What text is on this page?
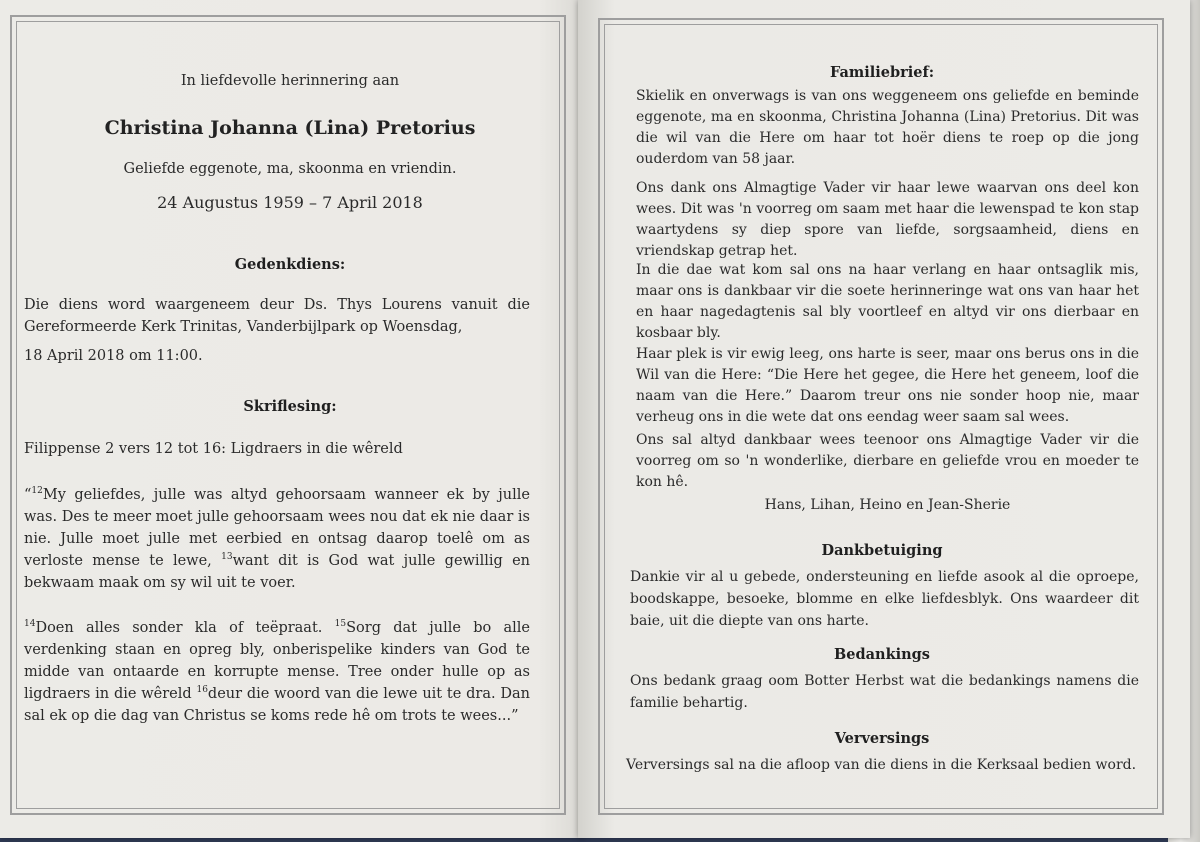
In liefdevolle herinnering aan
Christina Johanna (Lina) Pretorius
Geliefde eggenote, ma, skoonma en vriendin.
24 Augustus 1959 – 7 April 2018
Gedenkdiens:

Die diens word waargeneem deur Ds. Thys Lourens vanuit die Gereformeerde Kerk Trinitas, Vanderbijlpark op Woensdag,

18 April 2018 om 11:00.

Skriflesing:

Filippense 2 vers 12 tot 16: Ligdraers in die wêreld

“$^{12}$My geliefdes, julle was altyd gehoorsaam wanneer ek by julle was. Des te meer moet julle gehoorsaam wees nou dat ek nie daar is nie. Julle moet julle met eerbied en ontsag daarop toelê om as verloste mense te lewe, $^{13}$want dit is God wat julle gewillig en bekwaam maak om sy wil uit te voer.

$^{14}$Doen alles sonder kla of teëpraat. $^{15}$Sorg dat julle bo alle verdenking staan en opreg bly, onberispelike kinders van God te midde van ontaarde en korrupte mense. Tree onder hulle op as ligdraers in die wêreld $^{16}$deur die woord van die lewe uit te dra. Dan sal ek op die dag van Christus se koms rede hê om trots te wees...”

Familiebrief:

Skielik en onverwags is van ons weggeneem ons geliefde en beminde eggenote, ma en skoonma, Christina Johanna (Lina) Pretorius. Dit was die wil van die Here om haar tot hoër diens te roep op die jong ouderdom van 58 jaar.

Ons dank ons Almagtige Vader vir haar lewe waarvan ons deel kon wees. Dit was 'n voorreg om saam met haar die lewenspad te kon stap waartydens sy diep spore van liefde, sorgsaamheid, diens en vriendskap getrap het.

In die dae wat kom sal ons na haar verlang en haar ontsaglik mis, maar ons is dankbaar vir die soete herinneringe wat ons van haar het en haar nagedagtenis sal bly voortleef en altyd vir ons dierbaar en kosbaar bly.

Haar plek is vir ewig leeg, ons harte is seer, maar ons berus ons in die Wil van die Here: “Die Here het gegee, die Here het geneem, loof die naam van die Here.” Daarom treur ons nie sonder hoop nie, maar verheug ons in die wete dat ons eendag weer saam sal wees.

Ons sal altyd dankbaar wees teenoor ons Almagtige Vader vir die voorreg om so 'n wonderlike, dierbare en geliefde vrou en moeder te kon hê.

Hans, Lihan, Heino en Jean-Sherie

Dankbetuiging

Dankie vir al u gebede, ondersteuning en liefde asook al die oproepe, boodskappe, besoeke, blomme en elke liefdesblyk. Ons waardeer dit baie, uit die diepte van ons harte.

Bedankings

Ons bedank graag oom Botter Herbst wat die bedankings namens die familie behartig.

Verversings

Verversings sal na die afloop van die diens in die Kerksaal bedien word.
